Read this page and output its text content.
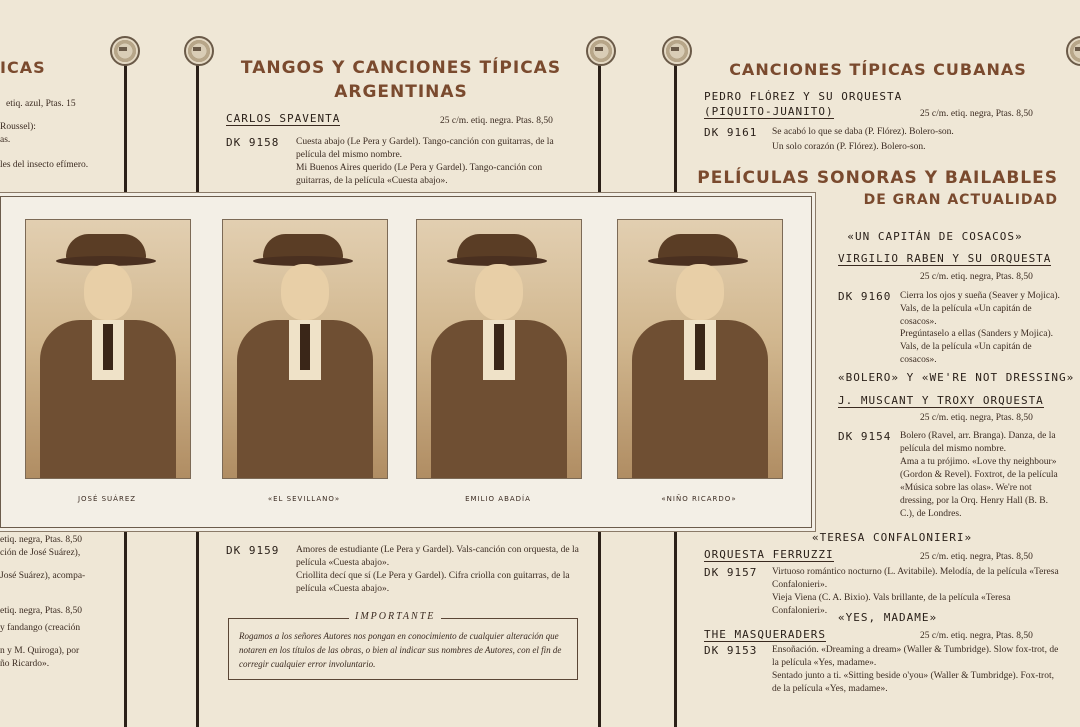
ICAS
etiq. azul, Ptas. 15
Roussel):
as.
les del insecto efímero.
etiq. negra, Ptas. 8,50
ción de José Suárez),
José Suárez), acompa-
etiq. negra, Ptas. 8,50
y fandango (creación
n y M. Quiroga), por
ño Ricardo».
TANGOS Y CANCIONES TÍPICAS
ARGENTINAS
CARLOS SPAVENTA	25 c/m. etiq. negra. Ptas. 8,50
DK 9158 Cuesta abajo (Le Pera y Gardel). Tango-canción con guitarras, de la película del mismo nombre.
Mi Buenos Aires querido (Le Pera y Gardel). Tango-canción con guitarras, de la película «Cuesta abajo».
JOSÉ SUÁREZ	«EL SEVILLANO»	EMILIO ABADÍA	«NIÑO RICARDO»
DK 9159 Amores de estudiante (Le Pera y Gardel). Vals-canción con orquesta, de la película «Cuesta abajo».
Criollita decí que sí (Le Pera y Gardel). Cifra criolla con guitarras, de la película «Cuesta abajo».
IMPORTANTE

Rogamos a los señores Autores nos pongan en conocimiento de cualquier alteración que notaren en los títulos de las obras, o bien al indicar sus nombres de Autores, con el fin de corregir cualquier error involuntario.

CANCIONES TÍPICAS CUBANAS
PEDRO FLÓREZ Y SU ORQUESTA
(PIQUITO-JUANITO)	25 c/m. etiq. negra, Ptas. 8,50
DK 9161 Se acabó lo que se daba (P. Flórez). Bolero-son.
Un solo corazón (P. Flórez). Bolero-son.
PELÍCULAS SONORAS Y BAILABLES
DE GRAN ACTUALIDAD
«UN CAPITÁN DE COSACOS»
VIRGILIO RABEN Y SU ORQUESTA
25 c/m. etiq. negra, Ptas. 8,50
DK 9160 Cierra los ojos y sueña (Seaver y Mojica). Vals, de la película «Un capitán de cosacos».
Pregúntaselo a ellas (Sanders y Mojica). Vals, de la película «Un capitán de cosacos».
«BOLERO» Y «WE'RE NOT DRESSING»
J. MUSCANT Y TROXY ORQUESTA
25 c/m. etiq. negra, Ptas. 8,50
DK 9154 Bolero (Ravel, arr. Branga). Danza, de la película del mismo nombre.
Ama a tu prójimo. «Love thy neighbour» (Gordon & Revel). Foxtrot, de la película «Música sobre las olas». We're not dressing, por la Orq. Henry Hall (B. B. C.), de Londres.
«TERESA CONFALONIERI»
ORQUESTA FERRUZZI	25 c/m. etiq. negra, Ptas. 8,50
DK 9157 Virtuoso romántico nocturno (L. Avitabile). Melodía, de la película «Teresa Confalonieri».
Vieja Viena (C. A. Bixio). Vals brillante, de la película «Teresa Confalonieri». «YES, MADAME»
THE MASQUERADERS	25 c/m. etiq. negra, Ptas. 8,50
DK 9153 Ensoñación. «Dreaming a dream» (Waller & Tumbridge). Slow fox-trot, de la película «Yes, madame».
Sentado junto a ti. «Sitting beside o'you» (Waller & Tumbridge). Fox-trot, de la película «Yes, madame».
